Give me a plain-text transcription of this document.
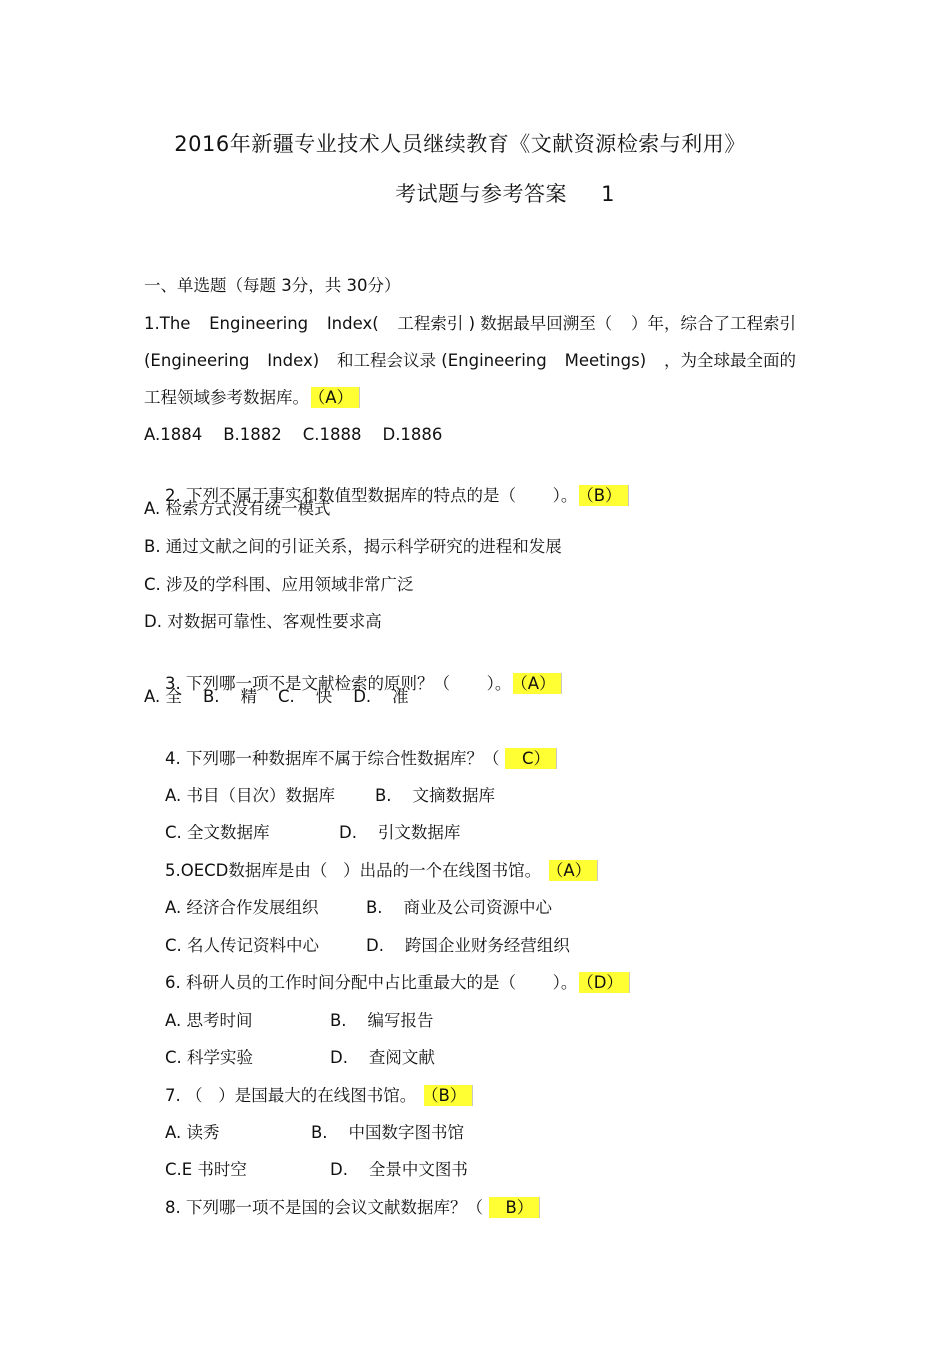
2016年新疆专业技术人员继续教育《文献资源检索与利用》
考试题与参考答案 1
一、单选题（每题 3分，共 30分）
1.The Engineering Index( 工程索引 ) 数据最早回溯至（ ）年，综合了工程索引
(Engineering Index) 和工程会议录 (Engineering Meetings) ，为全球最全面的
工程领域参考数据库。 （A）
A.1884    B.1882    C.1888    D.1886

2. 下列不属于事实和数值型数据库的特点的是（       ）。 （B）

A. 检索方式没有统一模式
B. 通过文献之间的引证关系，揭示科学研究的进程和发展
C. 涉及的学科围、应用领域非常广泛
D. 对数据可靠性、客观性要求高

3. 下列哪一项不是文献检索的原则？（       ）。 （A）

A. 全    B.    精    C.    快    D.    准

4. 下列哪一种数据库不属于综合性数据库？（  C）

A. 书目（目次）数据库 B.    文摘数据库

C. 全文数据库	D.    引文数据库

5.OECD数据库是由（   ）出品的一个在线图书馆。 （A）

A. 经济合作发展组织	B.    商业及公司资源中心

C. 名人传记资料中心	D.    跨国企业财务经营组织

6. 科研人员的工作时间分配中占比重最大的是（       ）。 （D）

A. 思考时间	B.    编写报告

C. 科学实验	D.    查阅文献

7. （   ）是国最大的在线图书馆。 （B）

A. 读秀	B.    中国数字图书馆

C.E 书时空	D.    全景中文图书

8. 下列哪一项不是国的会议文献数据库？（  B）
